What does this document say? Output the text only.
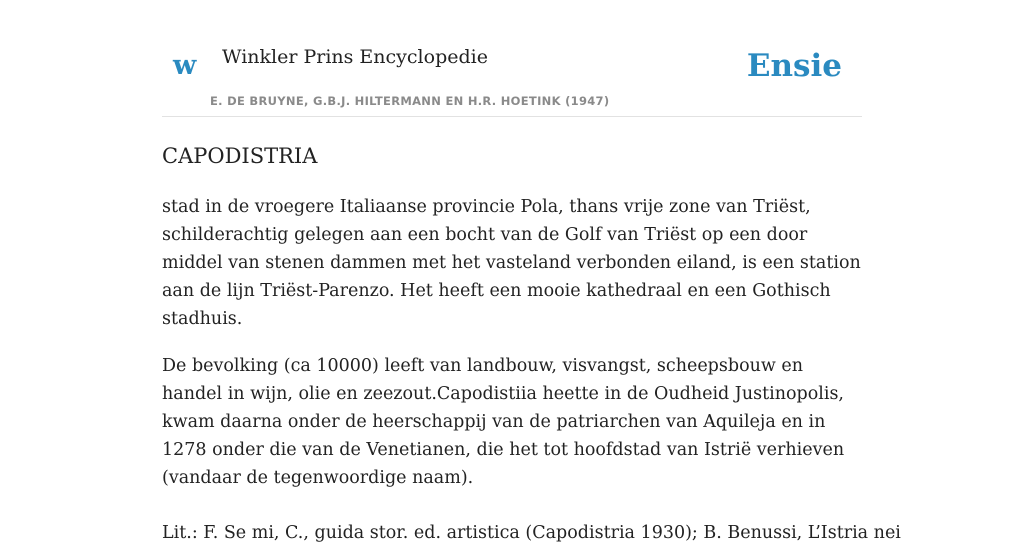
w Winkler Prins Encyclopedie
E. DE BRUYNE, G.B.J. HILTERMANN EN H.R. HOETINK (1947)
Ensie
CAPODISTRIA

stad in de vroegere Italiaanse provincie Pola, thans vrije zone van Triëst, schilderachtig gelegen aan een bocht van de Golf van Triëst op een door middel van stenen dammen met het vasteland verbonden eiland, is een station aan de lijn Triëst-Parenzo. Het heeft een mooie kathedraal en een Gothisch stadhuis.

De bevolking (ca 10000) leeft van landbouw, visvangst, scheepsbouw en handel in wijn, olie en zeezout.Capodistiia heette in de Oudheid Justinopolis, kwam daarna onder de heerschappij van de patriarchen van Aquileja en in 1278 onder die van de Venetianen, die het tot hoofdstad van Istrië verhieven (vandaar de tegenwoordige naam).

Lit.: F. Se mi, C., guida stor. ed. artistica (Capodistria 1930); B. Benussi, L’Istria nei
